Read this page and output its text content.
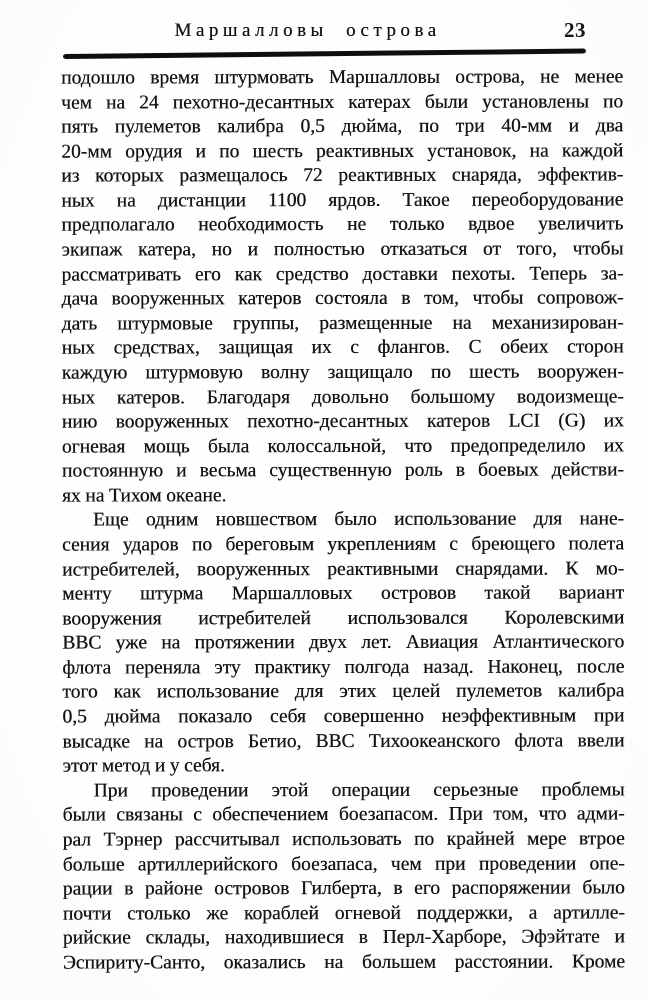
Маршалловы острова	23
подошло время штурмовать Маршалловы острова, не менее
чем на 24 пехотно-десантных катерах были установлены по
пять пулеметов калибра 0,5 дюйма, по три 40-мм и два
20-мм орудия и по шесть реактивных установок, на каждой
из которых размещалось 72 реактивных снаряда, эффектив-
ных на дистанции 1100 ярдов. Такое переоборудование
предполагало необходимость не только вдвое увеличить
экипаж катера, но и полностью отказаться от того, чтобы
рассматривать его как средство доставки пехоты. Теперь за-
дача вооруженных катеров состояла в том, чтобы сопровож-
дать штурмовые группы, размещенные на механизирован-
ных средствах, защищая их с флангов. С обеих сторон
каждую штурмовую волну защищало по шесть вооружен-
ных катеров. Благодаря довольно большому водоизмеще-
нию вооруженных пехотно-десантных катеров LCI (G) их
огневая мощь была колоссальной, что предопределило их
постоянную и весьма существенную роль в боевых действи-
ях на Тихом океане.
Еще одним новшеством было использование для нане-
сения ударов по береговым укреплениям с бреющего полета
истребителей, вооруженных реактивными снарядами. К мо-
менту штурма Маршалловых островов такой вариант
вооружения истребителей использовался Королевскими
ВВС уже на протяжении двух лет. Авиация Атлантического
флота переняла эту практику полгода назад. Наконец, после
того как использование для этих целей пулеметов калибра
0,5 дюйма показало себя совершенно неэффективным при
высадке на остров Бетио, ВВС Тихоокеанского флота ввели
этот метод и у себя.
При проведении этой операции серьезные проблемы
были связаны с обеспечением боезапасом. При том, что адми-
рал Тэрнер рассчитывал использовать по крайней мере втрое
больше артиллерийского боезапаса, чем при проведении опе-
рации в районе островов Гилберта, в его распоряжении было
почти столько же кораблей огневой поддержки, а артилле-
рийские склады, находившиеся в Перл-Харборе, Эфэйтате и
Эспириту-Санто, оказались на большем расстоянии. Кроме
